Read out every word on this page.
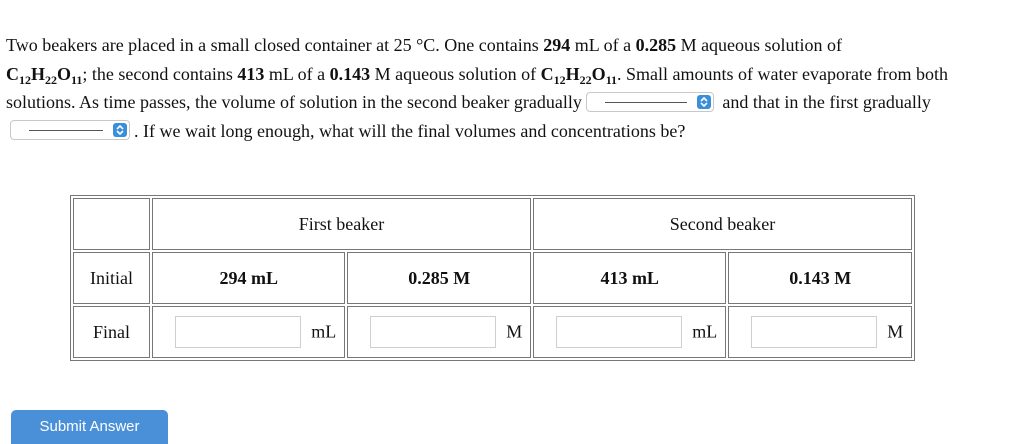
Two beakers are placed in a small closed container at 25 °C. One contains 294 mL of a 0.285 M aqueous solution of
$C_{12}H_{22}O_{11}$; the second contains 413 mL of a 0.143 M aqueous solution of $C_{12}H_{22}O_{11}$. Small amounts of water evaporate from both solutions. As time passes, the volume of solution in the second beaker gradually	and that in the first gradually
. If we wait long enough, what will the final volumes and concentrations be?
	First beaker		Second beaker	
Initial	294 mL	0.285 M	413 mL	0.143 M
Final	mL	M	mL	M
Submit Answer
